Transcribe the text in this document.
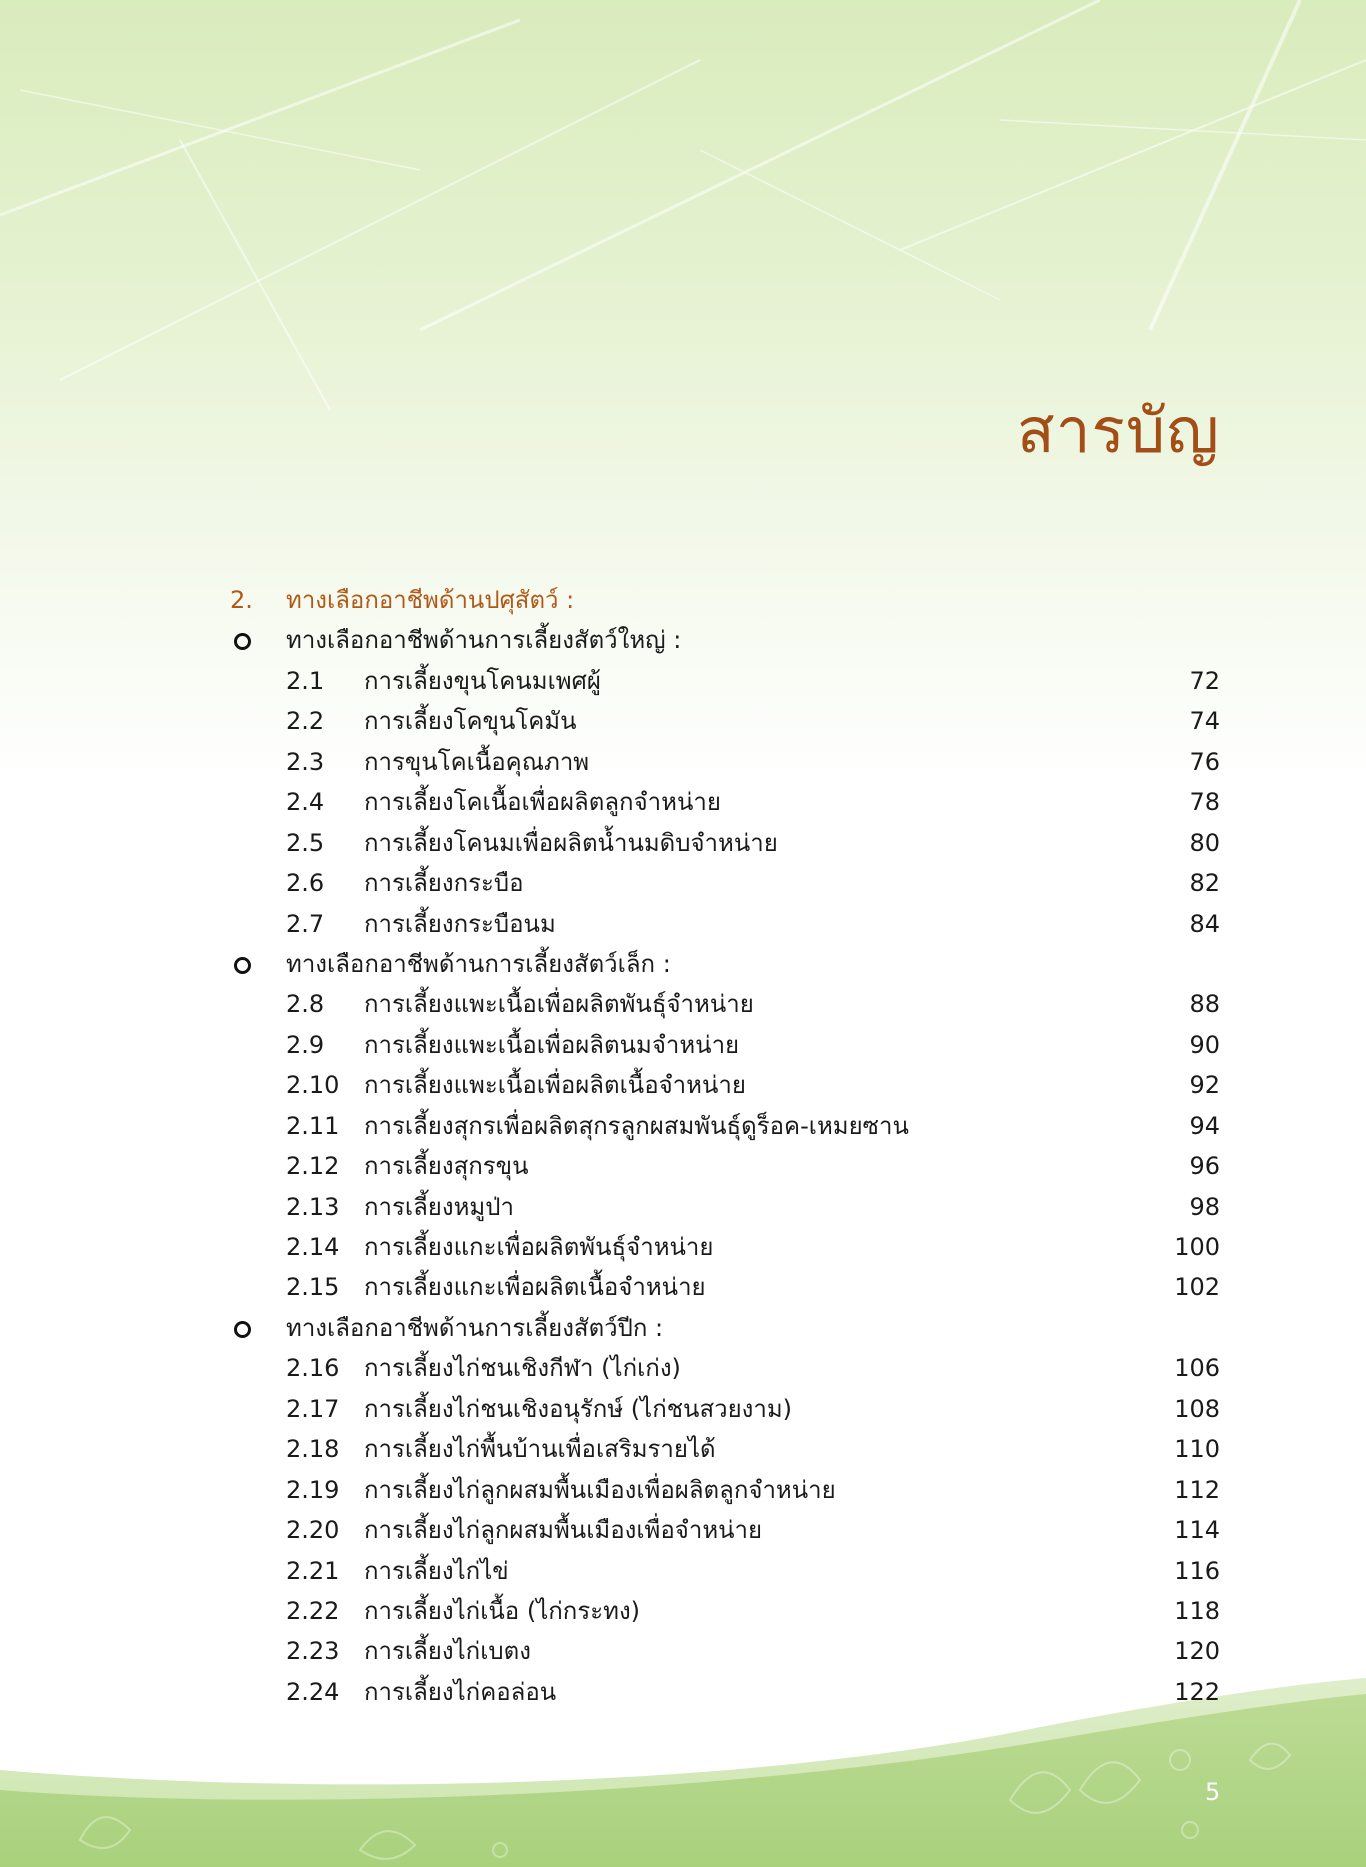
สารบัญ
2. ทางเลือกอาชีพด้านปศุสัตว์ :
ทางเลือกอาชีพด้านการเลี้ยงสัตว์ใหญ่ :
2.1 การเลี้ยงขุนโคนมเพศผู้	72
2.2 การเลี้ยงโคขุนโคมัน	74
2.3 การขุนโคเนื้อคุณภาพ	76
2.4 การเลี้ยงโคเนื้อเพื่อผลิตลูกจำหน่าย	78
2.5 การเลี้ยงโคนมเพื่อผลิตน้ำนมดิบจำหน่าย	80
2.6 การเลี้ยงกระบือ	82
2.7 การเลี้ยงกระบือนม	84
ทางเลือกอาชีพด้านการเลี้ยงสัตว์เล็ก :
2.8 การเลี้ยงแพะเนื้อเพื่อผลิตพันธุ์จำหน่าย	88
2.9 การเลี้ยงแพะเนื้อเพื่อผลิตนมจำหน่าย	90
2.10 การเลี้ยงแพะเนื้อเพื่อผลิตเนื้อจำหน่าย	92
2.11 การเลี้ยงสุกรเพื่อผลิตสุกรลูกผสมพันธุ์ดูร็อค-เหมยซาน	94
2.12 การเลี้ยงสุกรขุน	96
2.13 การเลี้ยงหมูป่า	98
2.14 การเลี้ยงแกะเพื่อผลิตพันธุ์จำหน่าย	100
2.15 การเลี้ยงแกะเพื่อผลิตเนื้อจำหน่าย	102
ทางเลือกอาชีพด้านการเลี้ยงสัตว์ปีก :
2.16 การเลี้ยงไก่ชนเชิงกีฬา (ไก่เก่ง)	106
2.17 การเลี้ยงไก่ชนเชิงอนุรักษ์ (ไก่ชนสวยงาม)	108
2.18 การเลี้ยงไก่พื้นบ้านเพื่อเสริมรายได้	110
2.19 การเลี้ยงไก่ลูกผสมพื้นเมืองเพื่อผลิตลูกจำหน่าย	112
2.20 การเลี้ยงไก่ลูกผสมพื้นเมืองเพื่อจำหน่าย	114
2.21 การเลี้ยงไก่ไข่	116
2.22 การเลี้ยงไก่เนื้อ (ไก่กระทง)	118
2.23 การเลี้ยงไก่เบตง	120
2.24 การเลี้ยงไก่คอล่อน	122
5
